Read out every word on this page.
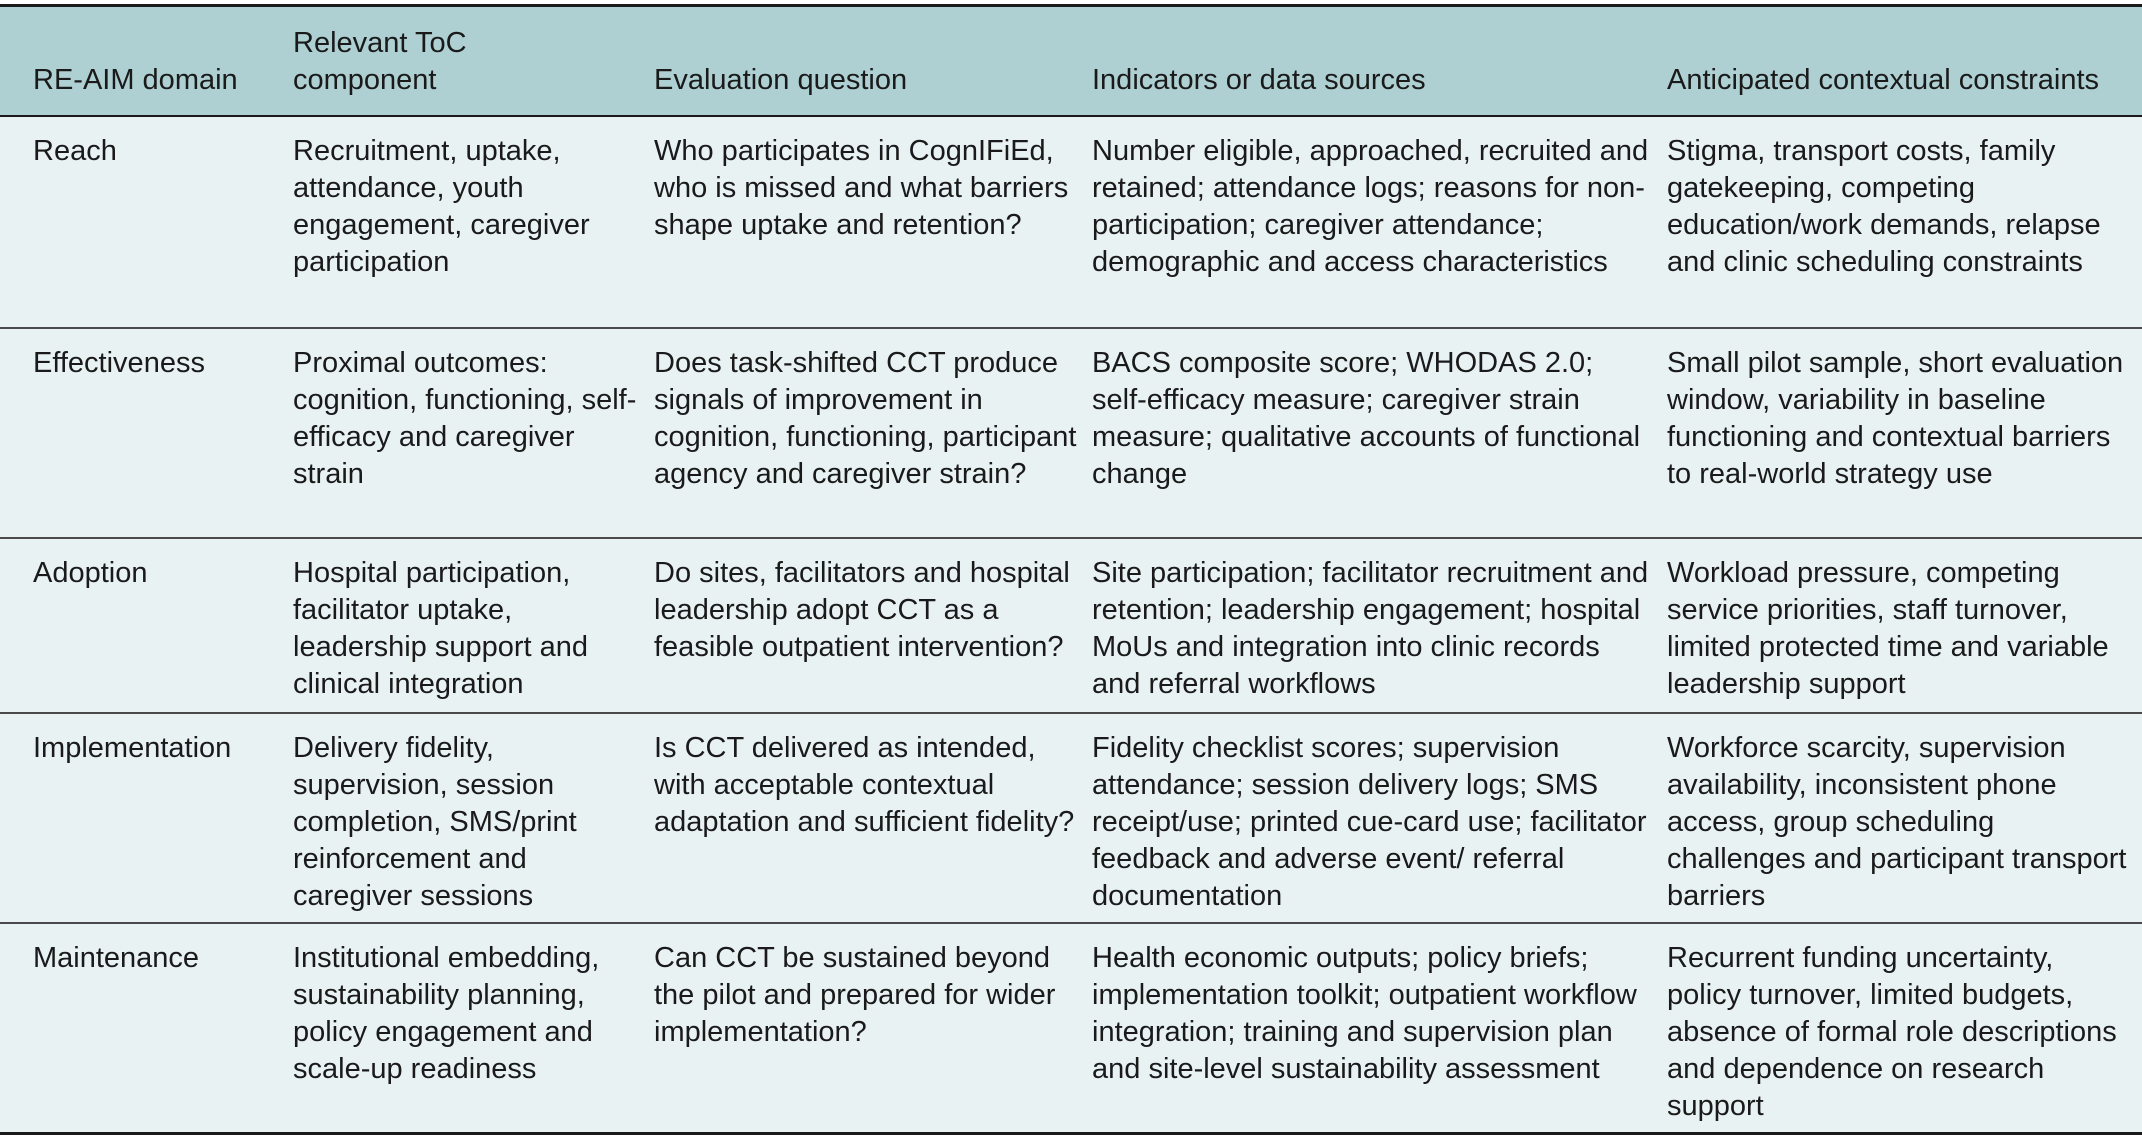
RE-AIM domain	Relevant ToC component	Evaluation question	Indicators or data sources	Anticipated contextual constraints
Reach	Recruitment, uptake, attendance, youth engagement, caregiver participation	Who participates in CognIFiEd, who is missed and what barriers shape uptake and retention?	Number eligible, approached, recruited and retained; attendance logs; reasons for non-participation; caregiver attendance; demographic and access characteristics	Stigma, transport costs, family gatekeeping, competing education/work demands, relapse and clinic scheduling constraints
Effectiveness	Proximal outcomes: cognition, functioning, self-efficacy and caregiver strain	Does task-shifted CCT produce signals of improvement in cognition, functioning, participant agency and caregiver strain?	BACS composite score; WHODAS 2.0; self-efficacy measure; caregiver strain measure; qualitative accounts of functional change	Small pilot sample, short evaluation window, variability in baseline functioning and contextual barriers to real-world strategy use
Adoption	Hospital participation, facilitator uptake, leadership support and clinical integration	Do sites, facilitators and hospital leadership adopt CCT as a feasible outpatient intervention?	Site participation; facilitator recruitment and retention; leadership engagement; hospital MoUs and integration into clinic records and referral workflows	Workload pressure, competing service priorities, staff turnover, limited protected time and variable leadership support
Implementation	Delivery fidelity, supervision, session completion, SMS/print reinforcement and caregiver sessions	Is CCT delivered as intended, with acceptable contextual adaptation and sufficient fidelity?	Fidelity checklist scores; supervision attendance; session delivery logs; SMS receipt/use; printed cue-card use; facilitator feedback and adverse event/ referral documentation	Workforce scarcity, supervision availability, inconsistent phone access, group scheduling challenges and participant transport barriers
Maintenance	Institutional embedding, sustainability planning, policy engagement and scale-up readiness	Can CCT be sustained beyond the pilot and prepared for wider implementation?	Health economic outputs; policy briefs; implementation toolkit; outpatient workflow integration; training and supervision plan and site-level sustainability assessment	Recurrent funding uncertainty, policy turnover, limited budgets, absence of formal role descriptions and dependence on research support
